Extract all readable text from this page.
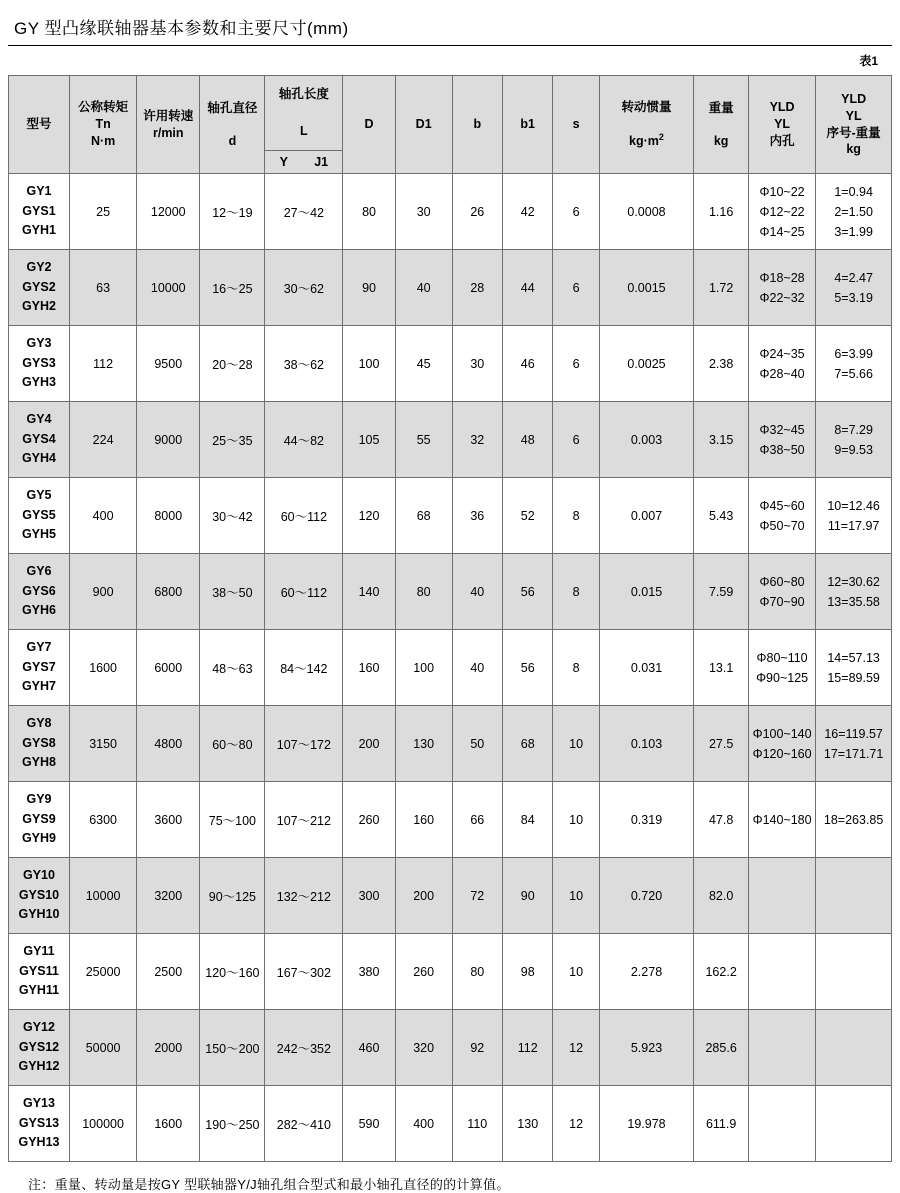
GY 型凸缘联轴器基本参数和主要尺寸(mm)
表1
型号	公称转矩
Tn
N·m	许用转速
r/min	轴孔直径
d	轴孔长度
L	D	D1	b	b1	s	转动惯量
$kg\cdot m^2$	重量
kg	YLD
YL
内孔	YLD
YL
序号-重量
kg

				Y J1									

GY1
GYS1
GYH1	25	12000	12～19	27～42	80	30	26	42	6	0.0008	1.16	Φ10~22
Φ12~22
Φ14~25	1=0.94
2=1.50
3=1.99

GY2
GYS2
GYH2	63	10000	16～25	30～62	90	40	28	44	6	0.0015	1.72	Φ18~28
Φ22~32	4=2.47
5=3.19

GY3
GYS3
GYH3	112	9500	20～28	38～62	100	45	30	46	6	0.0025	2.38	Φ24~35
Φ28~40	6=3.99
7=5.66

GY4
GYS4
GYH4	224	9000	25～35	44～82	105	55	32	48	6	0.003	3.15	Φ32~45
Φ38~50	8=7.29
9=9.53

GY5
GYS5
GYH5	400	8000	30～42	60～112	120	68	36	52	8	0.007	5.43	Φ45~60
Φ50~70	10=12.46
11=17.97

GY6
GYS6
GYH6	900	6800	38～50	60～112	140	80	40	56	8	0.015	7.59	Φ60~80
Φ70~90	12=30.62
13=35.58

GY7
GYS7
GYH7	1600	6000	48～63	84～142	160	100	40	56	8	0.031	13.1	Φ80~110
Φ90~125	14=57.13
15=89.59

GY8
GYS8
GYH8	3150	4800	60～80	107～172	200	130	50	68	10	0.103	27.5	Φ100~140
Φ120~160	16=119.57
17=171.71

GY9
GYS9
GYH9	6300	3600	75～100	107～212	260	160	66	84	10	0.319	47.8	Φ140~180	18=263.85

GY10
GYS10
GYH10	10000	3200	90～125	132～212	300	200	72	90	10	0.720	82.0		

GY11
GYS11
GYH11	25000	2500	120～160	167～302	380	260	80	98	10	2.278	162.2		

GY12
GYS12
GYH12	50000	2000	150～200	242～352	460	320	92	112	12	5.923	285.6		

GY13
GYS13
GYH13	100000	1600	190～250	282～410	590	400	110	130	12	19.978	611.9		
注：重量、转动量是按GY 型联轴器Y/J轴孔组合型式和最小轴孔直径的的计算值。
